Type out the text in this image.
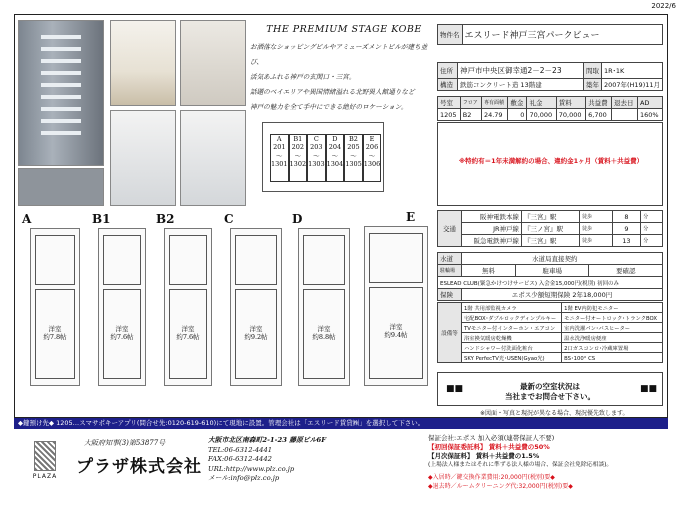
2022/6
THE PREMIUM STAGE KOBE
お洒落なショッピングビルやアミューズメントビルが建ち並び、
活気あふれる神戸の玄関口・三宮。
話題のベイエリアや異国情緒溢れる北野異人館通りなど
神戸の魅力を全て手中にできる絶好のロケーション。
A
201
〜
1301
B1
202
〜
1302
C
203
〜
1303
D
204
〜
1304
B2
205
〜
1305
E
206
〜
1306
A	B1	B2	C	D	E
洋室
約7.8帖
洋室
約7.6帖
洋室
約7.6帖
洋室
約9.2帖
洋室
約8.8帖
洋室
約9.4帖
物件名	エスリード神戸三宮パークビュー
住所	神戸市中央区御幸通2－2－23	間取	1R･1K
構造	鉄筋コンクリート造 13階建	築年	2007年(H19)11月
号室	フロア	専有面積	敷金	礼金	賃料	共益費	退去日	AD
1205	B2	24.79	0	70,000	70,000	6,700		160%
※特約有＝1年未満解約の場合、違約金1ヶ月（賃料＋共益費）
交通	阪神電鉄本線	『三宮』駅	徒歩	8	分
	JR神戸線	『三ノ宮』駅	徒歩	9	分
	阪急電鉄神戸線	『三宮』駅	徒歩	13	分
水道	水道局直接契約		
駐輪場	無料	駐車場	要確認
ESLEAD CLUB(緊急かけつけサービス) 入会金15,000円(税別) 初回のみ			
保険	エポス少額短期保険 2年18,000円		
設備等	1階 共用部監視カメラ	1階 EV内防犯モニター
	宅配BOX･ダブルロックディンプルキー	モニター付オートロック･トランクBOX
	TVモニター付インターホン・エアコン	室内洗濯パン･バスヒーター
	浴室換気暖房乾燥機	温水洗浄暖房便座
	ハンドシャワー付洗面化粧台	2口ガスコンロ･冷蔵庫置場
	SKY PerfecTV光･USEN(Gyao光)	BS･100° CS
■■	■■
最新の空室状況は
当社までお問合せ下さい。
※図面・写真と現況が異なる場合、現況優先致します。
◆鍵預け先◆ 1205…スマサポキーアプリ(問合せ先:0120-619-610)にて現地に設置。管理会社は「エスリード賃貸㈱」を選択して下さい。
PLAZA
大阪府知事(3)第53877号
プラザ株式会社
大阪市北区南森町2-1-23 藤原ビル6F
TEL:06-6312-4441
FAX:06-6312-4442
URL:http://www.plz.co.jp
メール:info@plz.co.jp
保証会社:エポス 加入必須(連帯保証人不要)
【初回保証委託料】 賃料＋共益費の50%
【月次保証料】 賃料＋共益費の1.5%
(上場法人様またはそれに準ずる法人様の場合、保証会社免除応相談)。
◆入居時／鍵交換作業費用:20,000円(税別)要◆
◆退去時／ルームクリーニング代:32,000円(税別)要◆
